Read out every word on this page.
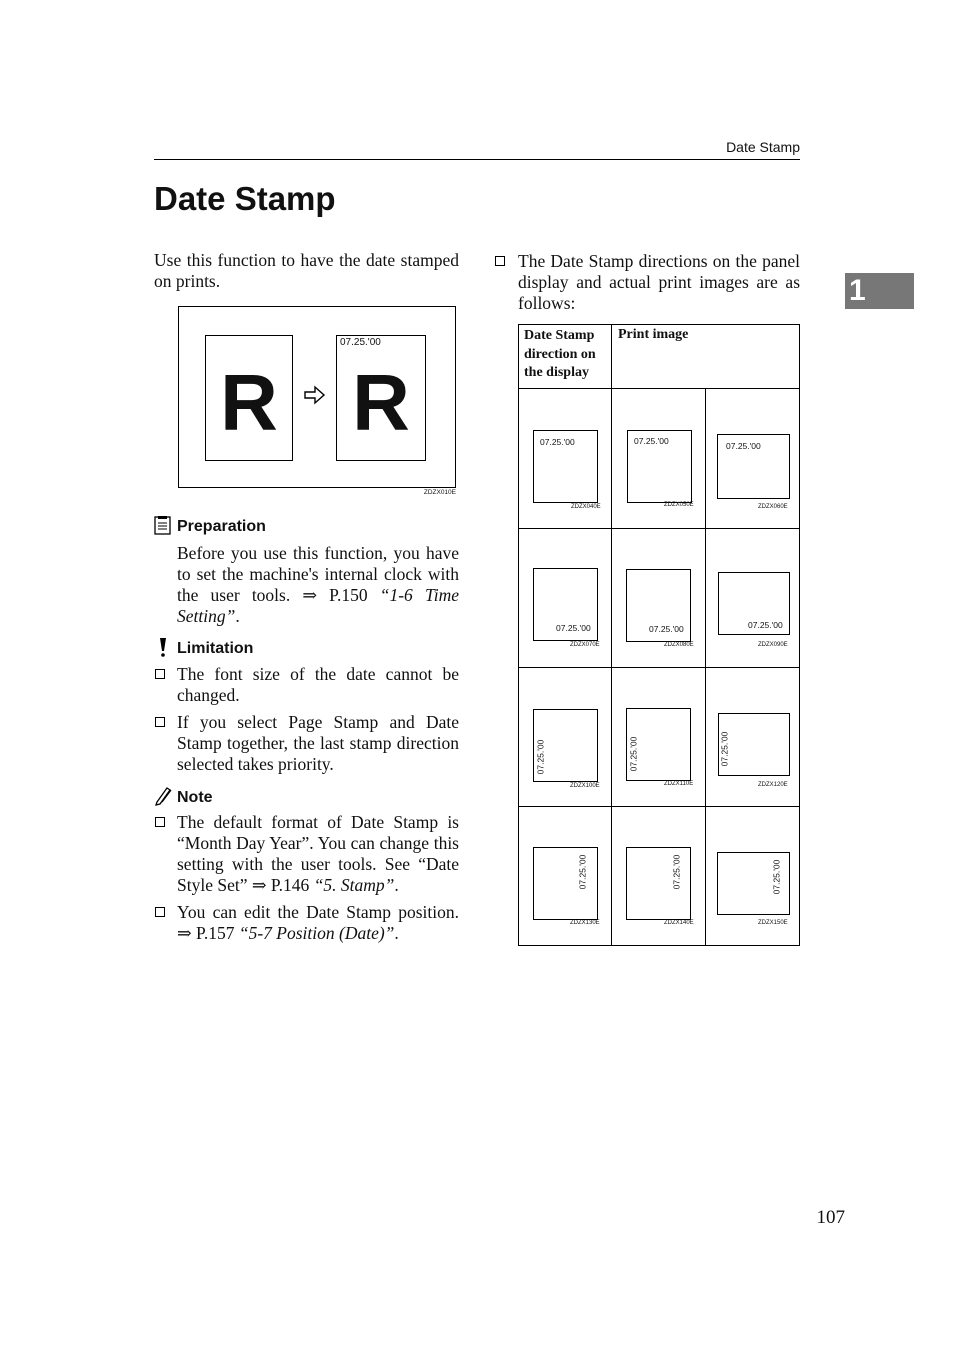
Date Stamp
1
Date Stamp

Use this function to have the date stamped on prints.

R
07.25.'00
R
ZDZX010E
Preparation
Before you use this function, you have to set the machine's internal clock with the user tools. ⇒ P.150 “1-6 Time Setting”.
Limitation
The font size of the date cannot be changed.
If you select Page Stamp and Date Stamp together, the last stamp direction selected takes priority.
Note
The default format of Date Stamp is “Month Day Year”. You can change this setting with the user tools. See “Date Style Set” ⇒ P.146 “5. Stamp”.
You can edit the Date Stamp position. ⇒ P.157 “5-7 Position (Date)”.
The Date Stamp directions on the panel display and actual print images are as follows:
Date Stamp direction on the display
Print image
07.25.'00
ZDZX040E
07.25.'00
ZDZX050E
07.25.'00
ZDZX060E
07.25.'00
ZDZX070E
07.25.'00
ZDZX080E
07.25.'00
ZDZX090E
07.25.'00
ZDZX100E
07.25.'00
ZDZX110E
07.25.'00
ZDZX120E
07.25.'00
ZDZX130E
07.25.'00
ZDZX140E
07.25.'00
ZDZX150E
107
